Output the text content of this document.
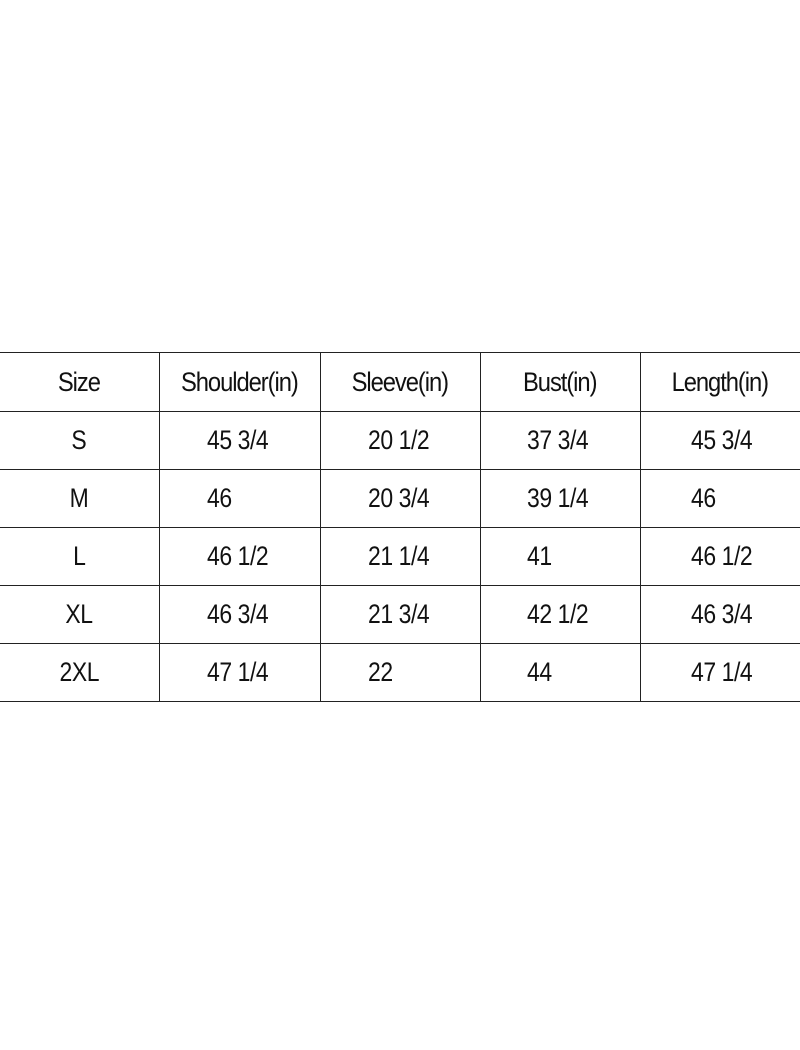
Size	Shoulder(in)	Sleeve(in)	Bust(in)	Length(in)
S	45 3/4	20 1/2	37 3/4	45 3/4
M	46	20 3/4	39 1/4	46
L	46 1/2	21 1/4	41	46 1/2
XL	46 3/4	21 3/4	42 1/2	46 3/4
2XL	47 1/4	22	44	47 1/4
